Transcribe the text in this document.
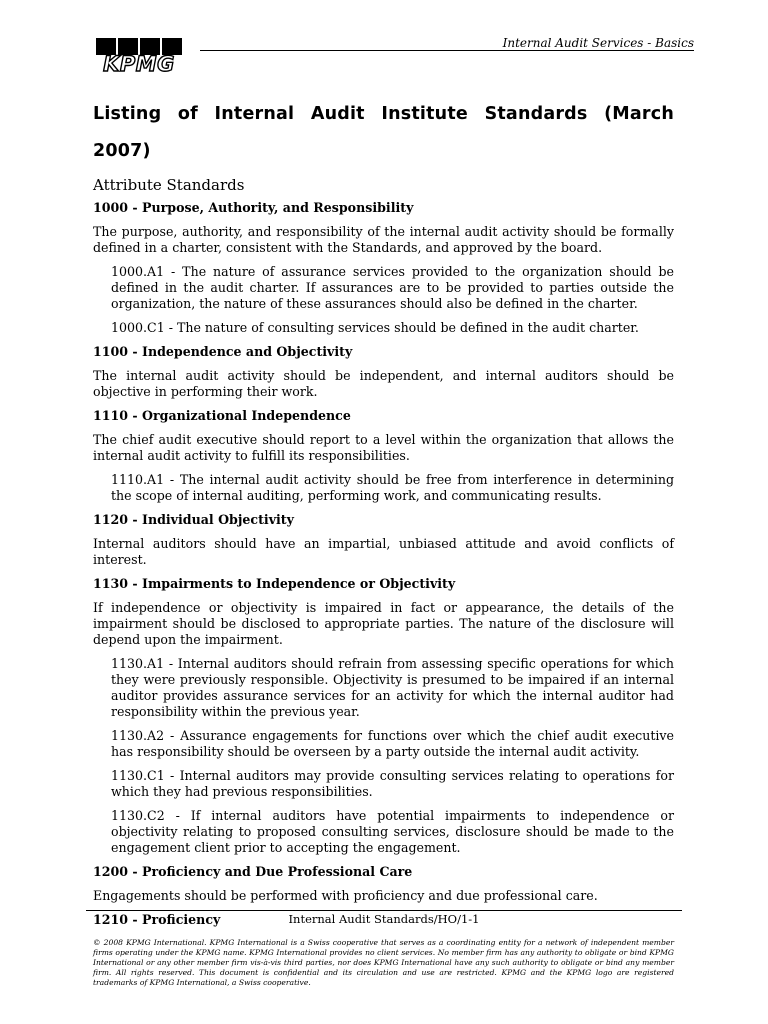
KPMG
Internal Audit Services - Basics
Listing of Internal Audit Institute Standards (March 2007)
Attribute Standards
1000 - Purpose, Authority, and Responsibility
The purpose, authority, and responsibility of the internal audit activity should be formally defined in a charter, consistent with the Standards, and approved by the board.
1000.A1 - The nature of assurance services provided to the organization should be defined in the audit charter. If assurances are to be provided to parties outside the organization, the nature of these assurances should also be defined in the charter.
1000.C1 - The nature of consulting services should be defined in the audit charter.
1100 - Independence and Objectivity
The internal audit activity should be independent, and internal auditors should be objective in performing their work.
1110 - Organizational Independence
The chief audit executive should report to a level within the organization that allows the internal audit activity to fulfill its responsibilities.
1110.A1 - The internal audit activity should be free from interference in determining the scope of internal auditing, performing work, and communicating results.
1120 - Individual Objectivity
Internal auditors should have an impartial, unbiased attitude and avoid conflicts of interest.
1130 - Impairments to Independence or Objectivity
If independence or objectivity is impaired in fact or appearance, the details of the impairment should be disclosed to appropriate parties. The nature of the disclosure will depend upon the impairment.
1130.A1 - Internal auditors should refrain from assessing specific operations for which they were previously responsible. Objectivity is presumed to be impaired if an internal auditor provides assurance services for an activity for which the internal auditor had responsibility within the previous year.
1130.A2 - Assurance engagements for functions over which the chief audit executive has responsibility should be overseen by a party outside the internal audit activity.
1130.C1 - Internal auditors may provide consulting services relating to operations for which they had previous responsibilities.
1130.C2 - If internal auditors have potential impairments to independence or objectivity relating to proposed consulting services, disclosure should be made to the engagement client prior to accepting the engagement.
1200 - Proficiency and Due Professional Care
Engagements should be performed with proficiency and due professional care.
1210 - Proficiency	Internal Audit Standards/HO/1-1
© 2008 KPMG International. KPMG International is a Swiss cooperative that serves as a coordinating entity for a network of independent member firms operating under the KPMG name. KPMG International provides no client services. No member firm has any authority to obligate or bind KPMG International or any other member firm vis-à-vis third parties, nor does KPMG International have any such authority to obligate or bind any member firm. All rights reserved. This document is confidential and its circulation and use are restricted. KPMG and the KPMG logo are registered trademarks of KPMG International, a Swiss cooperative.
